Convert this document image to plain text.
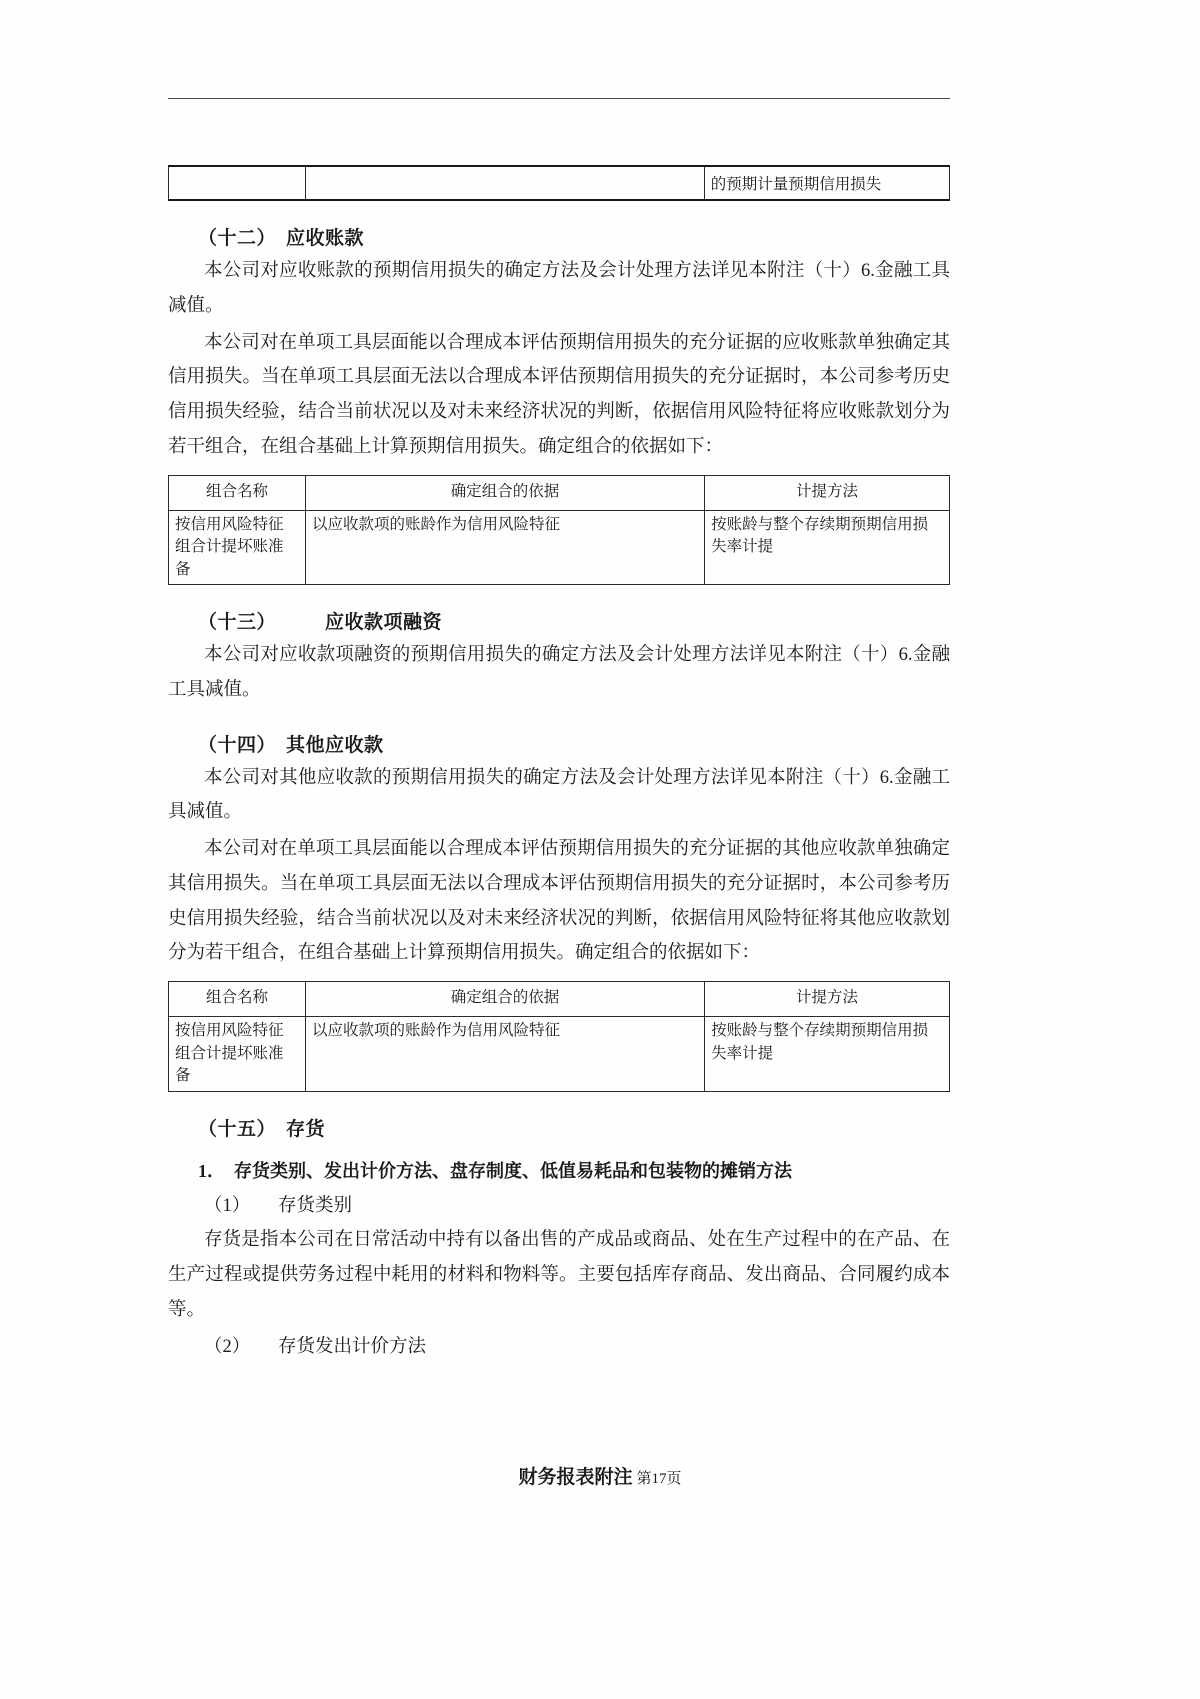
		的预期计量预期信用损失
（十二）　应收账款

本公司对应收账款的预期信用损失的确定方法及会计处理方法详见本附注（十）6.金融工具减值。

本公司对在单项工具层面能以合理成本评估预期信用损失的充分证据的应收账款单独确定其信用损失。当在单项工具层面无法以合理成本评估预期信用损失的充分证据时，本公司参考历史信用损失经验，结合当前状况以及对未来经济状况的判断，依据信用风险特征将应收账款划分为若干组合，在组合基础上计算预期信用损失。确定组合的依据如下：

组合名称	确定组合的依据	计提方法
按信用风险特征组合计提坏账准备	以应收款项的账龄作为信用风险特征	按账龄与整个存续期预期信用损失率计提
（十三）　　　应收款项融资

本公司对应收款项融资的预期信用损失的确定方法及会计处理方法详见本附注（十）6.金融工具减值。

（十四）　其他应收款

本公司对其他应收款的预期信用损失的确定方法及会计处理方法详见本附注（十）6.金融工具减值。

本公司对在单项工具层面能以合理成本评估预期信用损失的充分证据的其他应收款单独确定其信用损失。当在单项工具层面无法以合理成本评估预期信用损失的充分证据时，本公司参考历史信用损失经验，结合当前状况以及对未来经济状况的判断，依据信用风险特征将其他应收款划分为若干组合，在组合基础上计算预期信用损失。确定组合的依据如下：

组合名称	确定组合的依据	计提方法
按信用风险特征组合计提坏账准备	以应收款项的账龄作为信用风险特征	按账龄与整个存续期预期信用损失率计提
（十五）　存货
1．　存货类别、发出计价方法、盘存制度、低值易耗品和包装物的摊销方法

（1）　　存货类别

存货是指本公司在日常活动中持有以备出售的产成品或商品、处在生产过程中的在产品、在生产过程或提供劳务过程中耗用的材料和物料等。主要包括库存商品、发出商品、合同履约成本等。

（2）　　存货发出计价方法

财务报表附注 第17页
